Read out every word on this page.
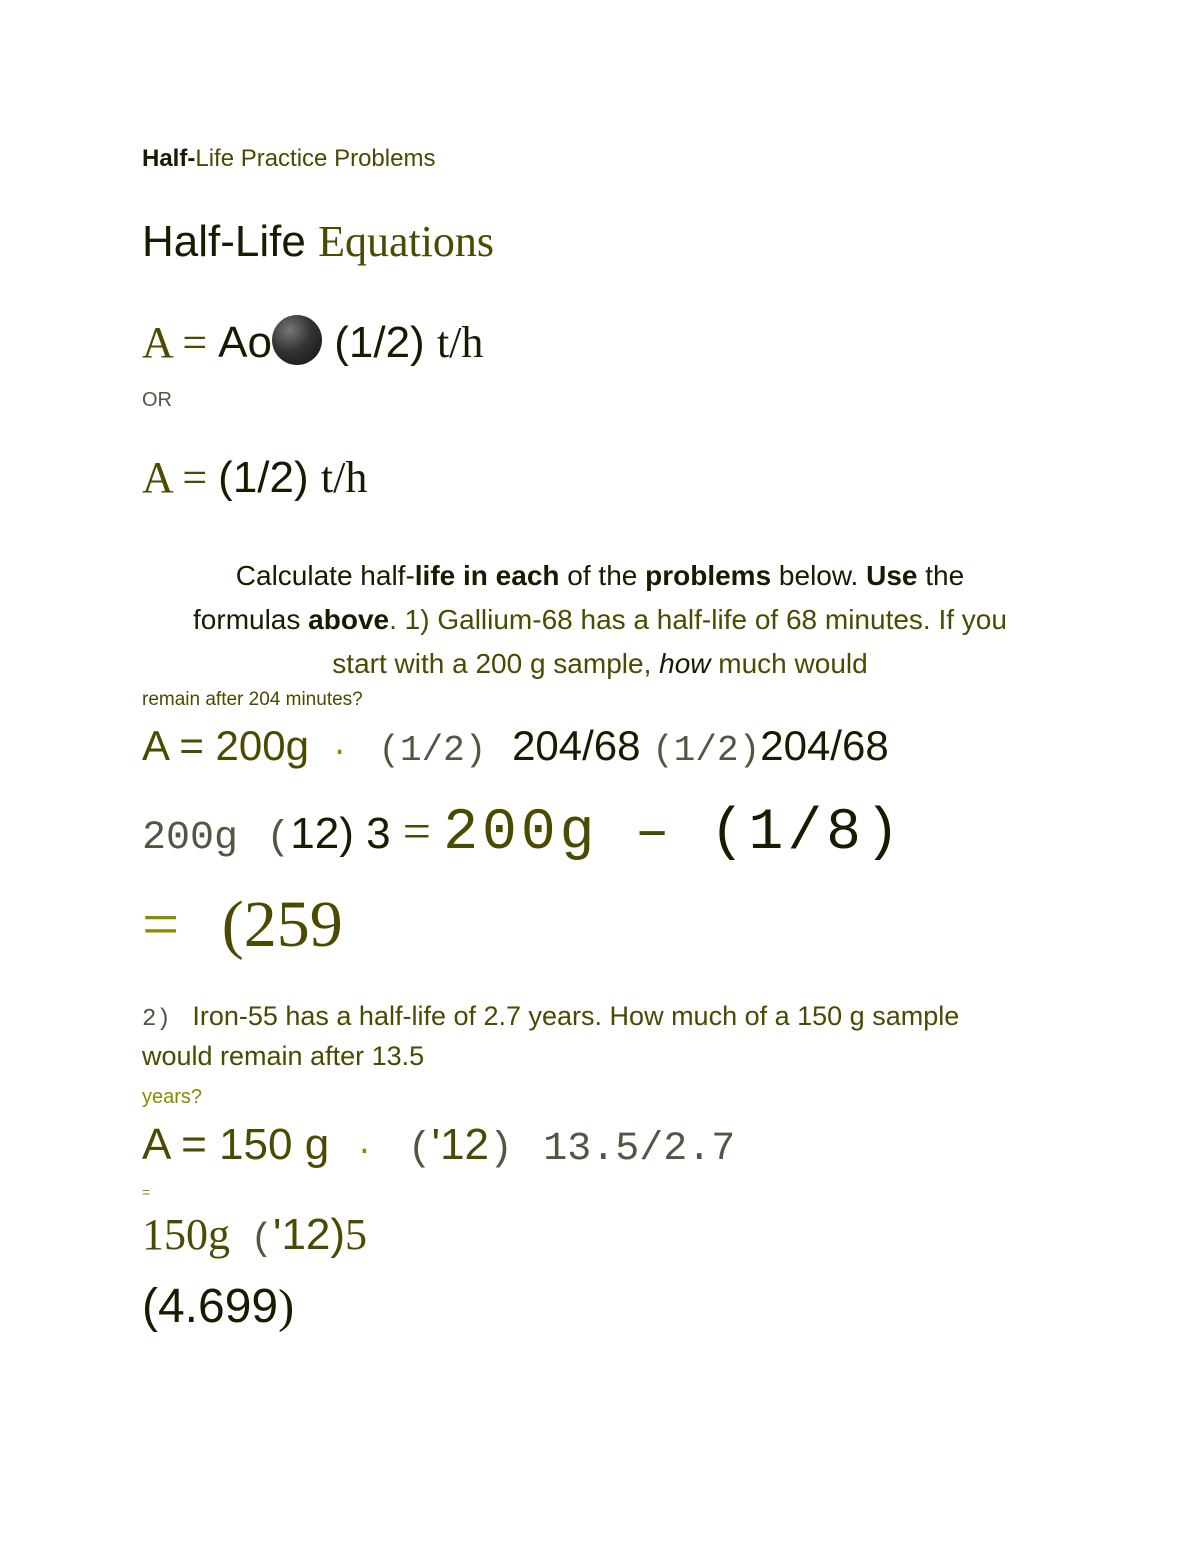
Half-Life Practice Problems
Half-Life Equations
A = Ao (1/2) t/h
OR
A = (1/2) t/h
Calculate half-life in each of the problems below. Use the
formulas above. 1) Gallium-68 has a half-life of 68 minutes. If you
start with a 200 g sample, how much would
remain after 204 minutes?
A = 200g · (1/2) 204/68 (1/2)204/68
200g (12) 3 = 200g – (1/8)
= (259
2) Iron-55 has a half-life of 2.7 years. How much of a 150 g sample
would remain after 13.5
years?
A = 150 g · ('12) 13.5/2.7
=
150g ('12)5
(4.699)
